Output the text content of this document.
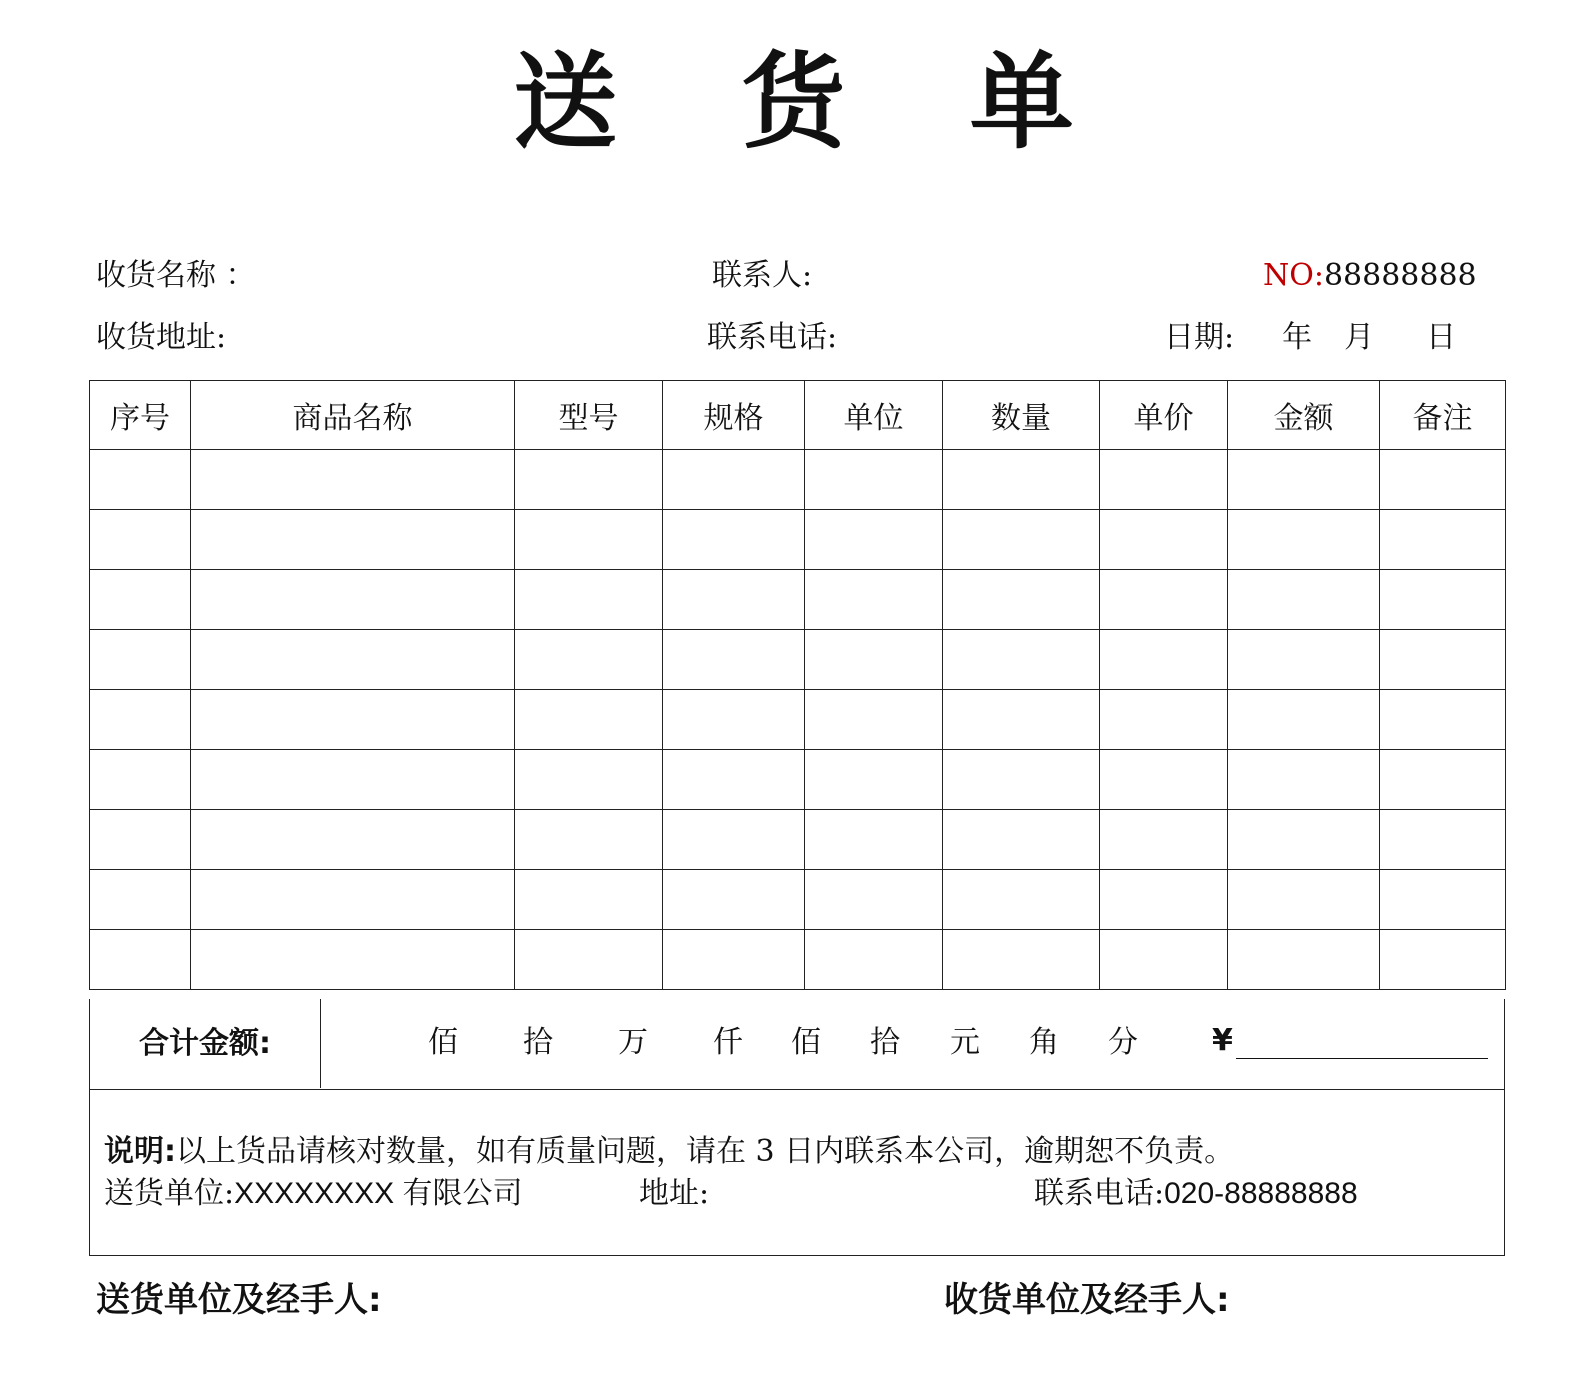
送 货 单
收货名称 ：	联系人:	NO:88888888
收货地址:	联系电话:	日期: 年 月 日
序号	商品名称	型号	规格	单位	数量	单价	金额	备注

合计金额:	佰 拾 万 仟 佰 拾 元 角 分 ¥
说明:以上货品请核对数量，如有质量问题，请在 3 日内联系本公司，逾期恕不负责。
送货单位:XXXXXXXX 有限公司	地址:	联系电话:020-88888888
送货单位及经手人:	收货单位及经手人:
